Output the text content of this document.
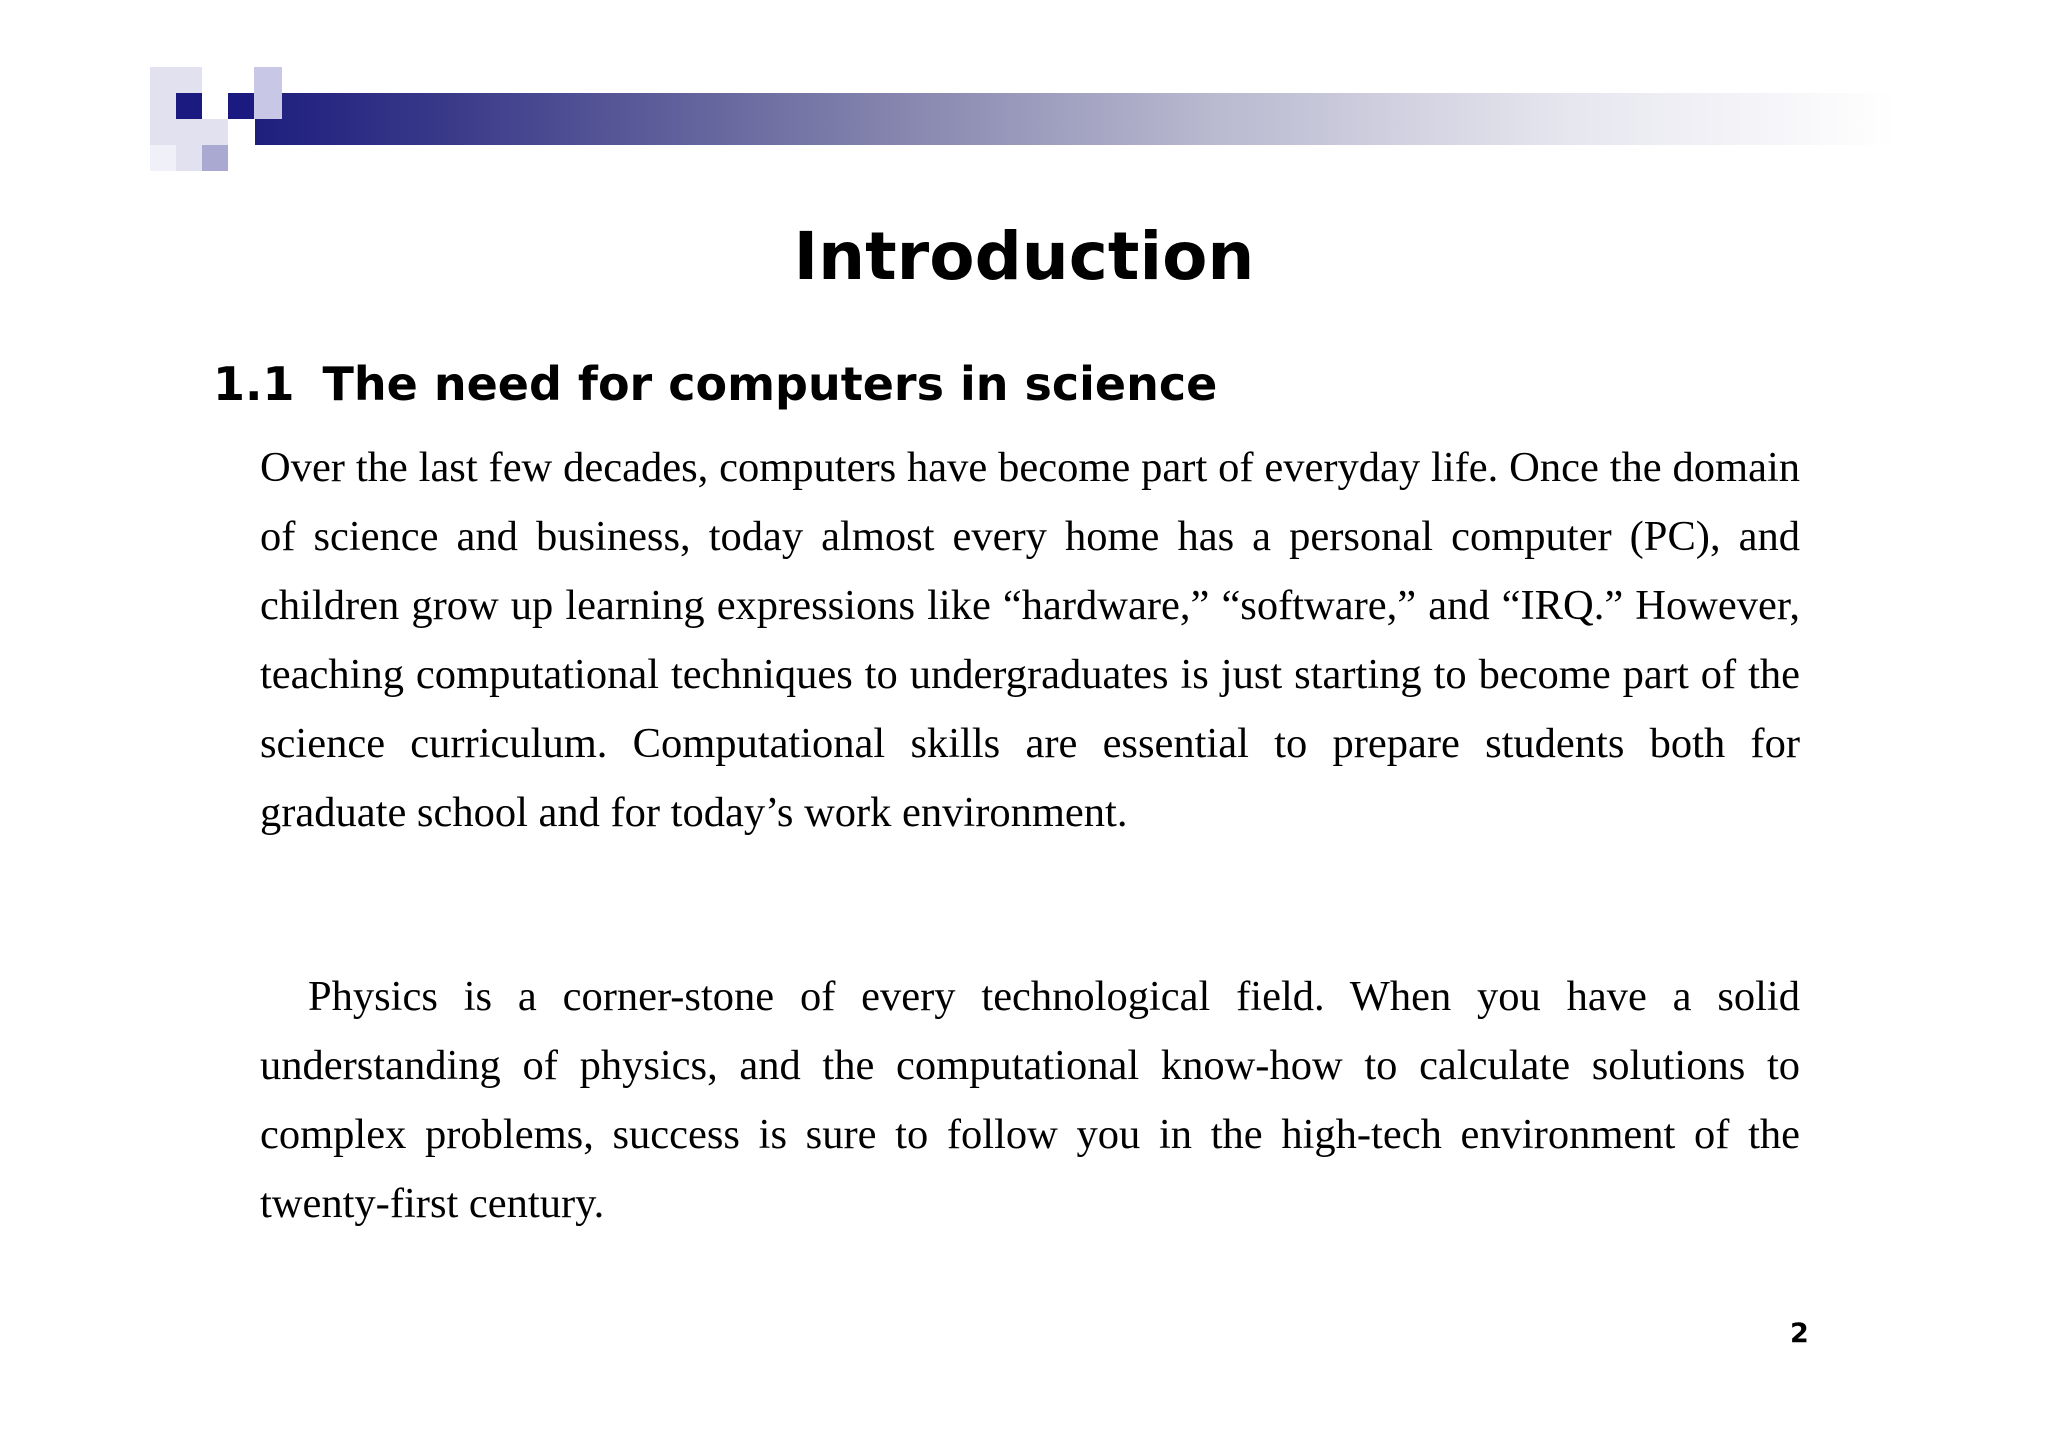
Introduction
1.1 The need for computers in science

Over the last few decades, computers have become part of everyday life. Once the domain of science and business, today almost every home has a personal computer (PC), and children grow up learning expressions like “hardware,” “software,” and “IRQ.” However, teaching computational techniques to undergraduates is just starting to become part of the science curriculum. Computational skills are essential to prepare students both for graduate school and for today’s work environment.

Physics is a corner-stone of every technological field. When you have a solid understanding of physics, and the computational know-how to calculate solutions to complex problems, success is sure to follow you in the high-tech environment of the twenty-first century.

2
